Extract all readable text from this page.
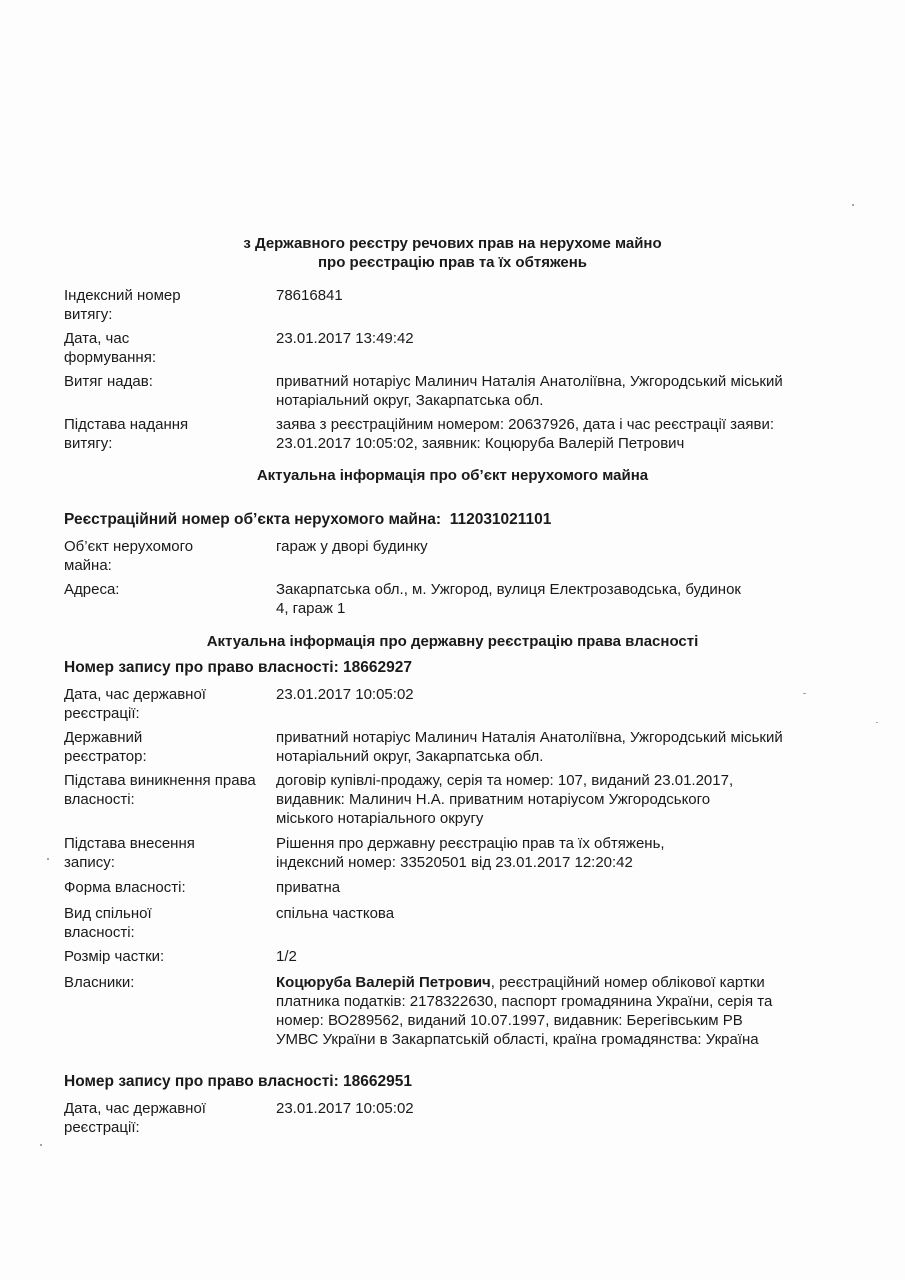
з Державного реєстру речових прав на нерухоме майно
про реєстрацію прав та їх обтяжень
Індексний номер витягу:
78616841
Дата, час формування:
23.01.2017 13:49:42
Витяг надав:	приватний нотаріус Малинич Наталія Анатоліївна, Ужгородський міський нотаріальний округ, Закарпатська обл.
Підстава надання витягу:
заява з реєстраційним номером: 20637926, дата і час реєстрації заяви: 23.01.2017 10:05:02, заявник: Коцюруба Валерій Петрович
Актуальна інформація про об’єкт нерухомого майна
Реєстраційний номер об’єкта нерухомого майна: 112031021101
Об’єкт нерухомого майна:
гараж у дворі будинку
Адреса:	Закарпатська обл., м. Ужгород, вулиця Електрозаводська, будинок 4, гараж 1
Актуальна інформація про державну реєстрацію права власності
Номер запису про право власності: 18662927
Дата, час державної реєстрації:
23.01.2017 10:05:02
Державний реєстратор:
приватний нотаріус Малинич Наталія Анатоліївна, Ужгородський міський нотаріальний округ, Закарпатська обл.
Підстава виникнення права власності:
договір купівлі-продажу, серія та номер: 107, виданий 23.01.2017, видавник: Малинич Н.А. приватним нотаріусом Ужгородського міського нотаріального округу
Підстава внесення запису:
Рішення про державну реєстрацію прав та їх обтяжень, індексний номер: 33520501 від 23.01.2017 12:20:42
Форма власності:	приватна
Вид спільної власності:
спільна часткова
Розмір частки:	1/2
Власники:	Коцюруба Валерій Петрович, реєстраційний номер облікової картки платника податків: 2178322630, паспорт громадянина України, серія та номер: ВО289562, виданий 10.07.1997, видавник: Берегівським РВ УМВС України в Закарпатській області, країна громадянства: Україна
Номер запису про право власності: 18662951
Дата, час державної реєстрації:
23.01.2017 10:05:02
